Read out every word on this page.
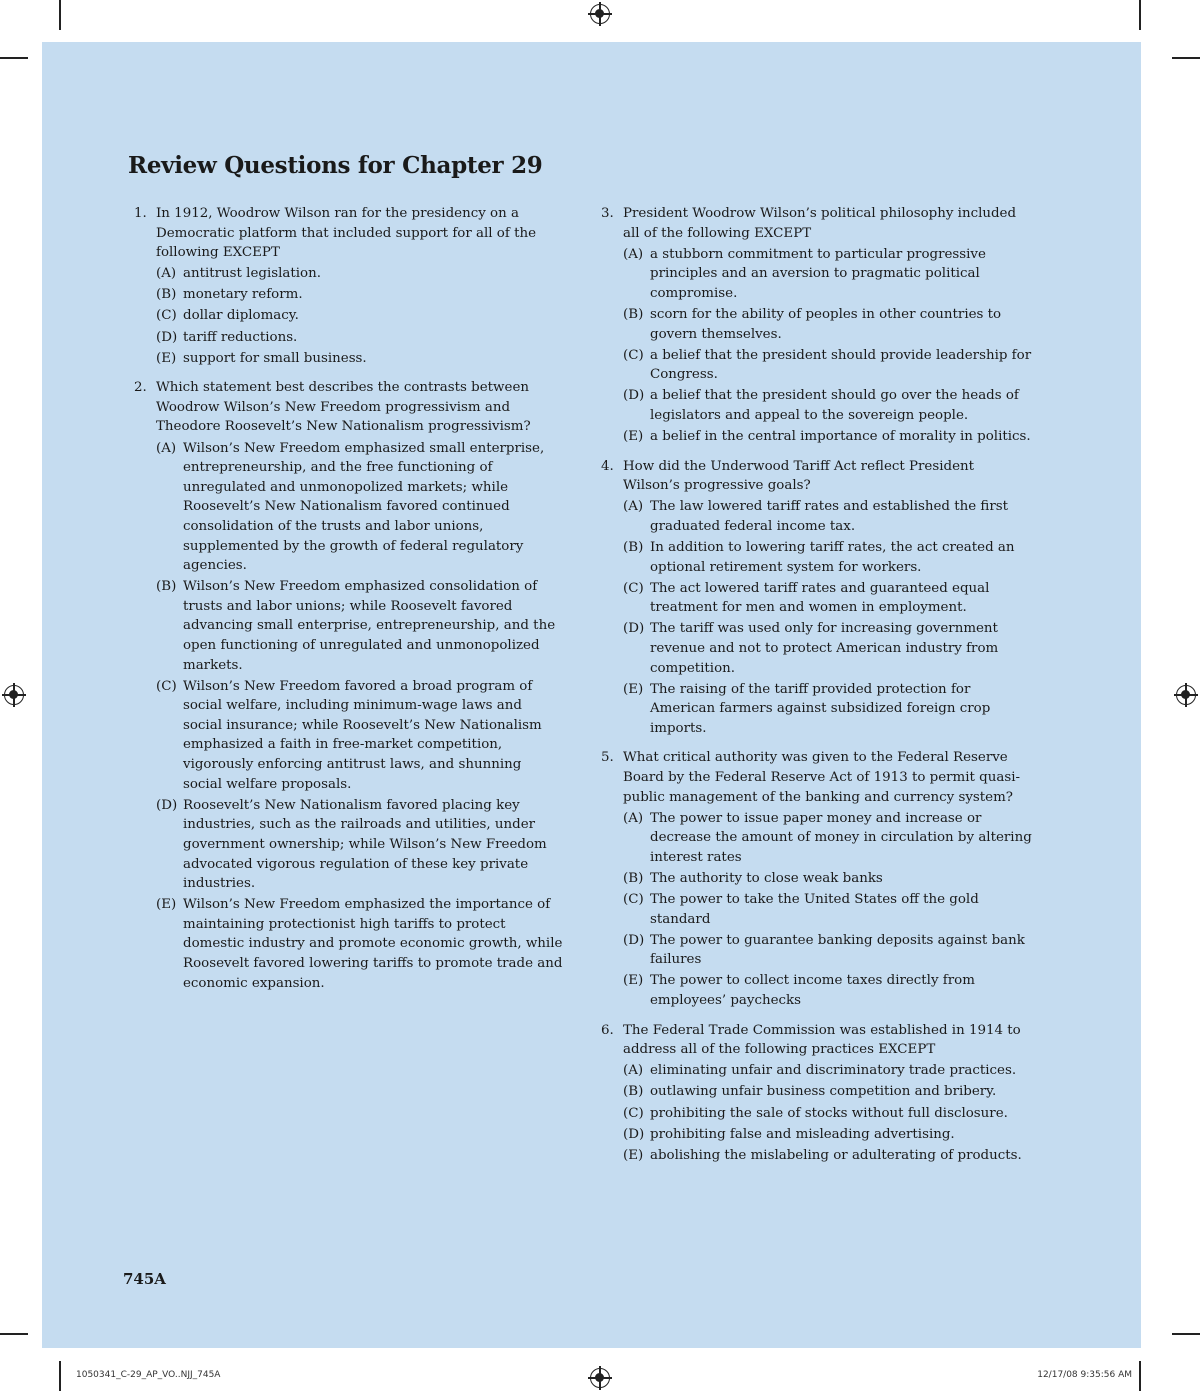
Review Questions for Chapter 29
1. In 1912, Woodrow Wilson ran for the presidency on a Democratic platform that included support for all of the following EXCEPT
(A) antitrust legislation.
(B) monetary reform.
(C) dollar diplomacy.
(D) tariff reductions.
(E) support for small business.
2. Which statement best describes the contrasts between Woodrow Wilson’s New Freedom progressivism and Theodore Roosevelt’s New Nationalism progressivism?
(A) Wilson’s New Freedom emphasized small enterprise, entrepreneurship, and the free functioning of unregulated and unmonopolized markets; while Roosevelt’s New Nationalism favored continued consolidation of the trusts and labor unions, supplemented by the growth of federal regulatory agencies.
(B) Wilson’s New Freedom emphasized consolidation of trusts and labor unions; while Roosevelt favored advancing small enterprise, entrepreneurship, and the open functioning of unregulated and unmonopolized markets.
(C) Wilson’s New Freedom favored a broad program of social welfare, including minimum-wage laws and social insurance; while Roosevelt’s New Nationalism emphasized a faith in free-market competition, vigorously enforcing antitrust laws, and shunning social welfare proposals.
(D) Roosevelt’s New Nationalism favored placing key industries, such as the railroads and utilities, under government ownership; while Wilson’s New Freedom advocated vigorous regulation of these key private industries.
(E) Wilson’s New Freedom emphasized the importance of maintaining protectionist high tariffs to protect domestic industry and promote economic growth, while Roosevelt favored lowering tariffs to promote trade and economic expansion.
3. President Woodrow Wilson’s political philosophy included all of the following EXCEPT
(A) a stubborn commitment to particular progressive principles and an aversion to pragmatic political compromise.
(B) scorn for the ability of peoples in other countries to govern themselves.
(C) a belief that the president should provide leadership for Congress.
(D) a belief that the president should go over the heads of legislators and appeal to the sovereign people.
(E) a belief in the central importance of morality in politics.
4. How did the Underwood Tariff Act reflect President Wilson’s progressive goals?
(A) The law lowered tariff rates and established the first graduated federal income tax.
(B) In addition to lowering tariff rates, the act created an optional retirement system for workers.
(C) The act lowered tariff rates and guaranteed equal treatment for men and women in employment.
(D) The tariff was used only for increasing government revenue and not to protect American industry from competition.
(E) The raising of the tariff provided protection for American farmers against subsidized foreign crop imports.
5. What critical authority was given to the Federal Reserve Board by the Federal Reserve Act of 1913 to permit quasi-public management of the banking and currency system?
(A) The power to issue paper money and increase or decrease the amount of money in circulation by altering interest rates
(B) The authority to close weak banks
(C) The power to take the United States off the gold standard
(D) The power to guarantee banking deposits against bank failures
(E) The power to collect income taxes directly from employees’ paychecks
6. The Federal Trade Commission was established in 1914 to address all of the following practices EXCEPT
(A) eliminating unfair and discriminatory trade practices.
(B) outlawing unfair business competition and bribery.
(C) prohibiting the sale of stocks without full disclosure.
(D) prohibiting false and misleading advertising.
(E) abolishing the mislabeling or adulterating of products.
745A
1050341_C-29_AP_VO..NJJ_745A	12/17/08 9:35:56 AM
